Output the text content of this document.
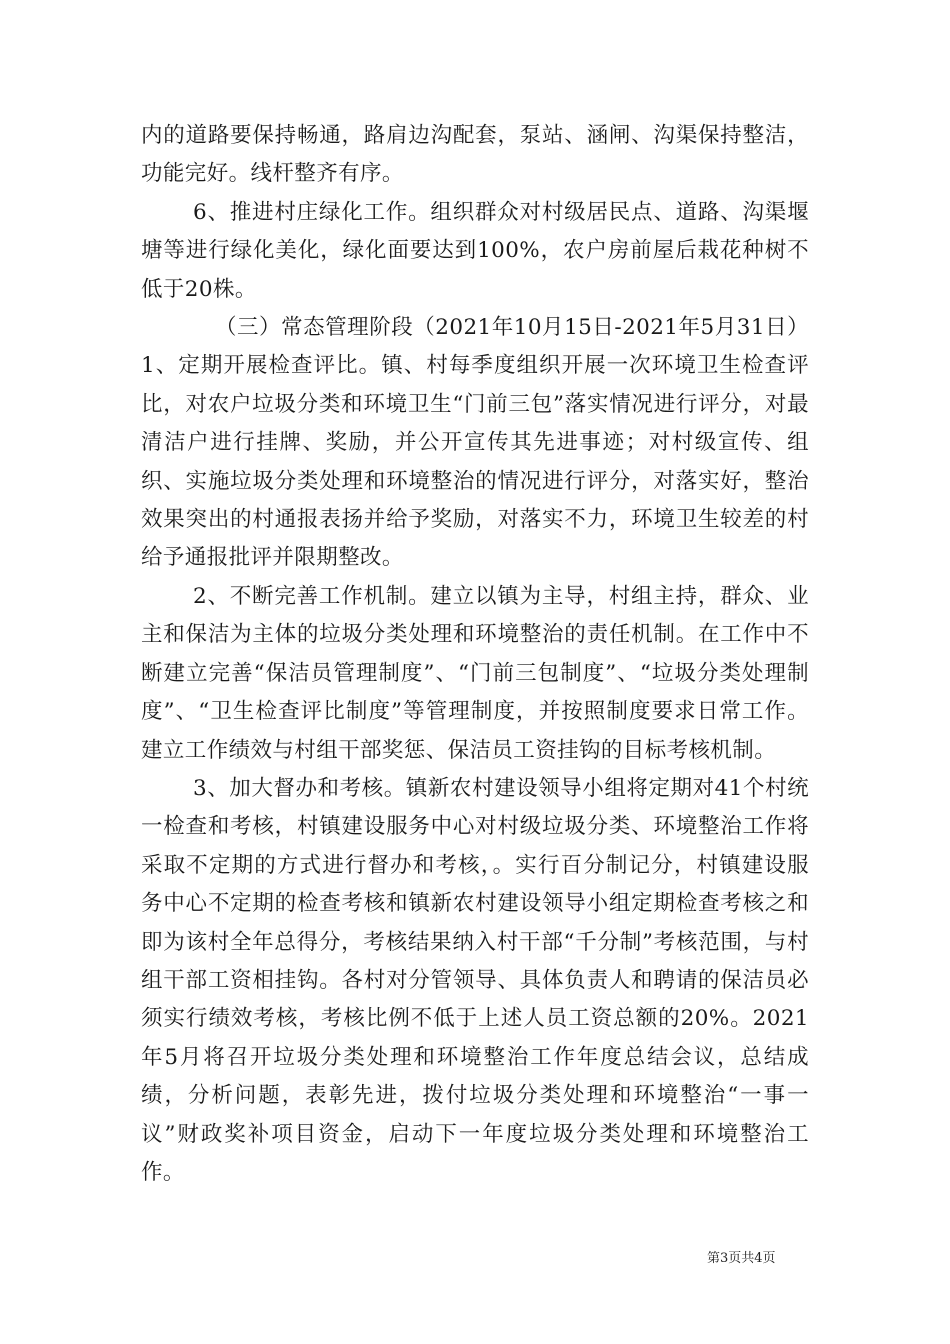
内的道路要保持畅通，路肩边沟配套，泵站、涵闸、沟渠保持整洁，功能完好。线杆整齐有序。

6、推进村庄绿化工作。组织群众对村级居民点、道路、沟渠堰塘等进行绿化美化，绿化面要达到100%，农户房前屋后栽花种树不低于20株。

（三）常态管理阶段（2021年10月15日-2021年5月31日）1、定期开展检查评比。镇、村每季度组织开展一次环境卫生检查评比，对农户垃圾分类和环境卫生“门前三包”落实情况进行评分，对最清洁户进行挂牌、奖励，并公开宣传其先进事迹；对村级宣传、组织、实施垃圾分类处理和环境整治的情况进行评分，对落实好，整治效果突出的村通报表扬并给予奖励，对落实不力，环境卫生较差的村给予通报批评并限期整改。

2、不断完善工作机制。建立以镇为主导，村组主持，群众、业主和保洁为主体的垃圾分类处理和环境整治的责任机制。在工作中不断建立完善“保洁员管理制度”、“门前三包制度”、“垃圾分类处理制度”、“卫生检查评比制度”等管理制度，并按照制度要求日常工作。建立工作绩效与村组干部奖惩、保洁员工资挂钩的目标考核机制。

3、加大督办和考核。镇新农村建设领导小组将定期对41个村统一检查和考核，村镇建设服务中心对村级垃圾分类、环境整治工作将采取不定期的方式进行督办和考核，。实行百分制记分，村镇建设服务中心不定期的检查考核和镇新农村建设领导小组定期检查考核之和即为该村全年总得分，考核结果纳入村干部“千分制”考核范围，与村组干部工资相挂钩。各村对分管领导、具体负责人和聘请的保洁员必须实行绩效考核，考核比例不低于上述人员工资总额的20%。2021年5月将召开垃圾分类处理和环境整治工作年度总结会议，总结成绩，分析问题，表彰先进，拨付垃圾分类处理和环境整治“一事一议”财政奖补项目资金，启动下一年度垃圾分类处理和环境整治工作。

第3页共4页
